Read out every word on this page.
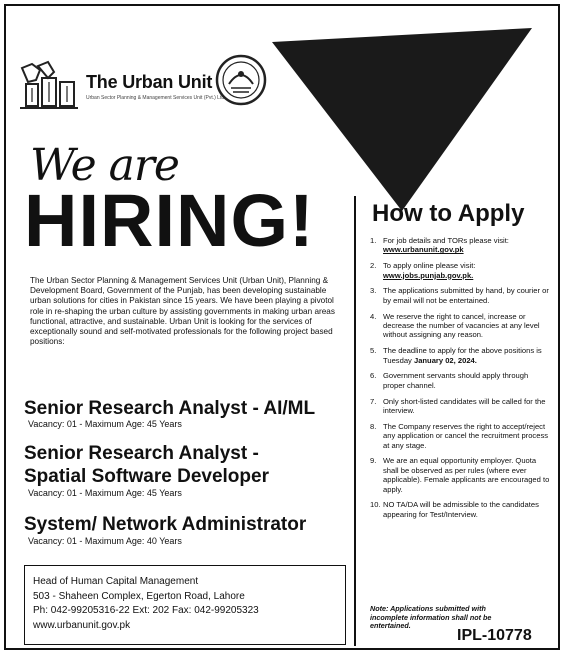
The Urban Unit
Urban Sector Planning & Management Services Unit (Pvt.) Ltd
We are
HIRING!
The Urban Sector Planning & Management Services Unit (Urban Unit), Planning & Development Board, Government of the Punjab, has been developing sustainable urban solutions for cities in Pakistan since 15 years. We have been playing a pivotol role in re-shaping the urban culture by assisting governments in making urban areas functional, attractive, and sustainable. Urban Unit is looking for the services of exceptionally sound and self-motivated professionals for the following project based positions:
Senior Research Analyst - AI/ML
Vacancy: 01 - Maximum Age: 45 Years
Senior Research Analyst -
Spatial Software Developer
Vacancy: 01 - Maximum Age: 45 Years
System/ Network Administrator
Vacancy: 01 - Maximum Age: 40 Years
Head of Human Capital Management
503 - Shaheen Complex, Egerton Road, Lahore
Ph: 042-99205316-22 Ext: 202 Fax: 042-99205323
www.urbanunit.gov.pk
How to Apply
1. For job details and TORs please visit:
www.urbanunit.gov.pk
2. To apply online please visit:
www.jobs.punjab.gov.pk.
3. The applications submitted by hand, by courier or by email will not be entertained.
4. We reserve the right to cancel, increase or decrease the number of vacancies at any level without assigning any reason.
5. The deadline to apply for the above positions is Tuesday January 02, 2024.
6. Government servants should apply through proper channel.
7. Only short-listed candidates will be called for the interview.
8. The Company reserves the right to accept/reject any application or cancel the recruitment process at any stage.
9. We are an equal opportunity employer. Quota shall be observed as per rules (where ever applicable). Female applicants are encouraged to apply.
10. NO TA/DA will be admissible to the candidates appearing for Test/Interview.
Note: Applications submitted with incomplete information shall not be entertained.
IPL-10778
